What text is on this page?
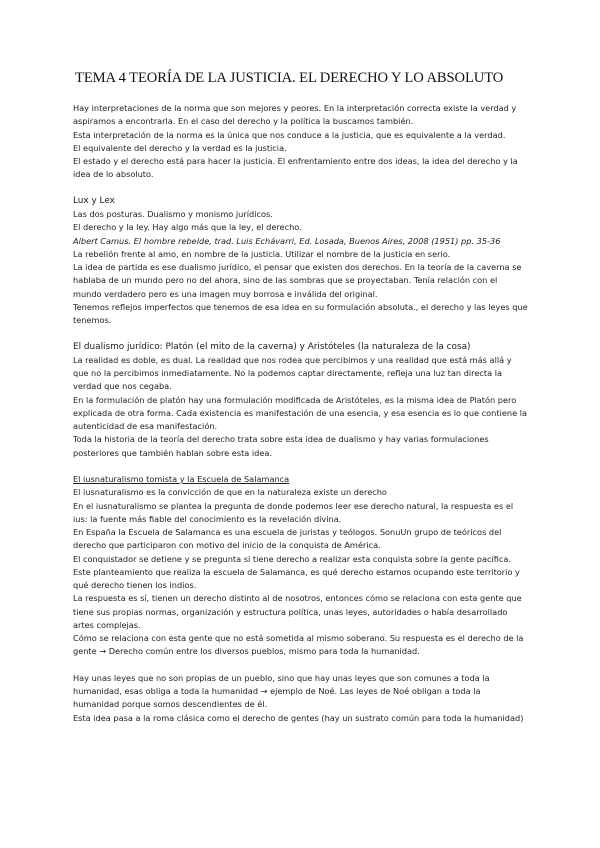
TEMA 4 TEORÍA DE LA JUSTICIA. EL DERECHO Y LO ABSOLUTO

Hay interpretaciones de la norma que son mejores y peores. En la interpretación correcta existe la verdad y aspiramos a encontrarla. En el caso del derecho y la política la buscamos también.

Esta interpretación de la norma es la única que nos conduce a la justicia, que es equivalente a la verdad.

El equivalente del derecho y la verdad es la justicia.

El estado y el derecho está para hacer la justicia. El enfrentamiento entre dos ideas, la idea del derecho y la idea de lo absoluto.

Lux y Lex

Las dos posturas. Dualismo y monismo jurídicos.

El derecho y la ley. Hay algo más que la ley, el derecho.

Albert Camus. El hombre rebelde, trad. Luis Echávarri, Ed. Losada, Buenos Aires, 2008 (1951) pp. 35-36

La rebelión frente al amo, en nombre de la justicia. Utilizar el nombre de la justicia en serio.

La idea de partida es ese dualismo jurídico, el pensar que existen dos derechos. En la teoría de la caverna se hablaba de un mundo pero no del ahora, sino de las sombras que se proyectaban. Tenía relación con el mundo verdadero pero es una imagen muy borrosa e inválida del original.

Tenemos reflejos imperfectos que tenemos de esa idea en su formulación absoluta., el derecho y las leyes que tenemos.

El dualismo jurídico: Platón (el mito de la caverna) y Aristóteles (la naturaleza de la cosa)

La realidad es doble, es dual. La realidad que nos rodea que percibimos y una realidad que está más allá y que no la percibimos inmediatamente. No la podemos captar directamente, refleja una luz tan directa la verdad que nos cegaba.

En la formulación de platón hay una formulación modificada de Aristóteles, es la misma idea de Platón pero explicada de otra forma. Cada existencia es manifestación de una esencia, y esa esencia es lo que contiene la autenticidad de esa manifestación.

Toda la historia de la teoría del derecho trata sobre esta idea de dualismo y hay varias formulaciones posteriores que también hablan sobre esta idea.

El iusnaturalismo tomista y la Escuela de Salamanca

El iusnaturalismo es la convicción de que en la naturaleza existe un derecho

En el iusnaturalismo se plantea la pregunta de donde podemos leer ese derecho natural, la respuesta es el ius: la fuente más fiable del conocimiento es la revelación divina.

En España la Escuela de Salamanca es una escuela de juristas y teólogos. SonuUn grupo de teóricos del derecho que participaron con motivo del inicio de la conquista de América.

El conquistador se detiene y se pregunta si tiene derecho a realizar esta conquista sobre la gente pacífica. Este planteamiento que realiza la escuela de Salamanca, es qué derecho estamos ocupando este territorio y qué derecho tienen los indios.

La respuesta es sí, tienen un derecho distinto al de nosotros, entonces cómo se relaciona con esta gente que tiene sus propias normas, organización y estructura política, unas leyes, autoridades o había desarrollado artes complejas.

Cómo se relaciona con esta gente que no está sometida al mismo soberano. Su respuesta es el derecho de la gente → Derecho común entre los diversos pueblos, mismo para toda la humanidad.

Hay unas leyes que no son propias de un pueblo, sino que hay unas leyes que son comunes a toda la humanidad, esas obliga a toda la humanidad → ejemplo de Noé. Las leyes de Noé obligan a toda la humanidad porque somos descendientes de él.

Esta idea pasa a la roma clásica como el derecho de gentes (hay un sustrato común para toda la humanidad)
